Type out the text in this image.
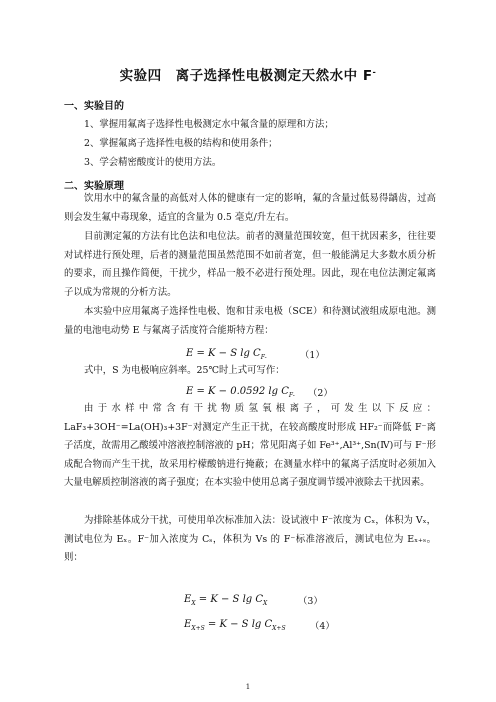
实验四　离子选择性电极测定天然水中 F-
一、实验目的
1、掌握用氟离子选择性电极测定水中氟含量的原理和方法；
2、掌握氟离子选择性电极的结构和使用条件；
3、学会精密酸度计的使用方法。
二、实验原理
饮用水中的氟含量的高低对人体的健康有一定的影响，氟的含量过低易得龋齿，过高则会发生氟中毒现象，适宜的含量为 0.5 毫克/升左右。
目前测定氟的方法有比色法和电位法。前者的测量范围较宽，但干扰因素多，往往要对试样进行预处理，后者的测量范围虽然范围不如前者宽，但一般能满足大多数水质分析的要求，而且操作简便，干扰少，样品一般不必进行预处理。因此，现在电位法测定氟离子以成为常规的分析方法。
本实验中应用氟离子选择性电极、饱和甘汞电极（SCE）和待测试液组成原电池。测量的电池电动势 E 与氟离子活度符合能斯特方程：
E = K − S $\lg C_{F-}$	（1）
式中，S 为电极响应斜率。25℃时上式可写作：
E = K − 0.0592 $\lg C_{F-}$ （2）
由于水样中常含有干扰物质氢氧根离子，可发生以下反应：LaF₃+3OH⁻=La(OH)₃+3F⁻对测定产生正干扰，在较高酸度时形成 HF₂⁻而降低 F⁻离子活度，故需用乙酸缓冲溶液控制溶液的 pH；常见阳离子如 Fe³⁺,Al³⁺,Sn(Ⅳ)可与 F⁻形成配合物而产生干扰，故采用柠檬酸钠进行掩蔽；在测量水样中的氟离子活度时必须加入大量电解质控制溶液的离子强度；在本实验中使用总离子强度调节缓冲液除去干扰因素。
为排除基体成分干扰，可使用单次标准加入法：设试液中 F⁻浓度为 Cₓ，体积为 Vₓ，测试电位为 Eₓ。F⁻加入浓度为 Cₛ，体积为 Vs 的 F⁻标准溶液后，测试电位为 Eₓ₊ₛ。则：
$E_X = K - S$ $\lg C_X$	（3）
$E_{X+S} = K - S$ $\lg C_{X+S}$	（4）
1
